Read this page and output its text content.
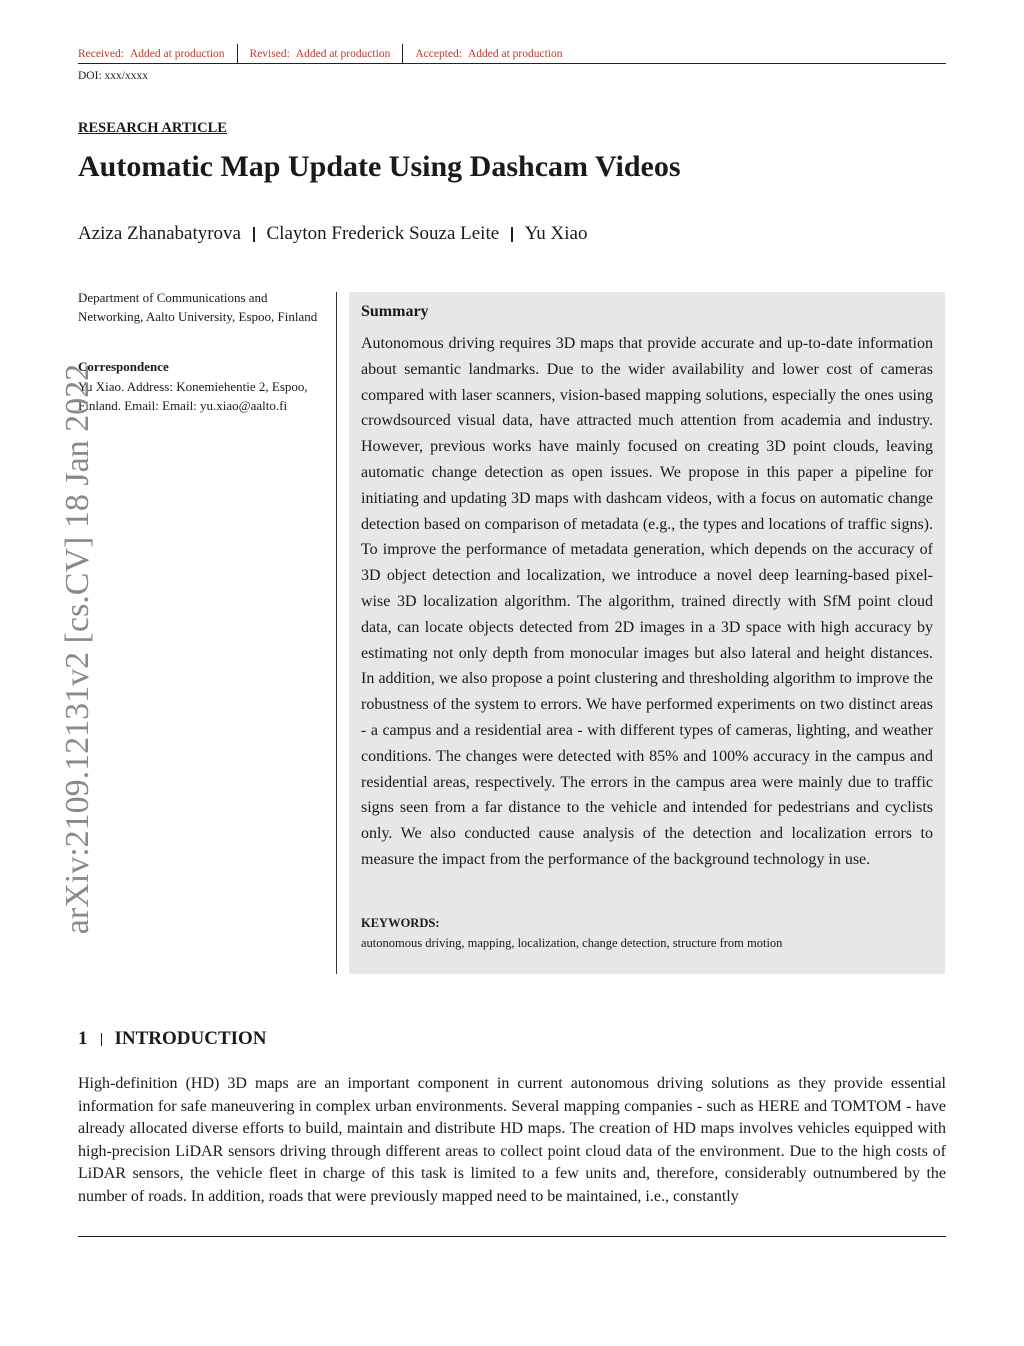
Received: Added at production	Revised: Added at production	Accepted: Added at production
DOI: xxx/xxxx
RESEARCH ARTICLE
Automatic Map Update Using Dashcam Videos
Aziza Zhanabatyrova Clayton Frederick Souza Leite Yu Xiao
Department of Communications and Networking, Aalto University, Espoo, Finland
Correspondence
Yu Xiao. Address: Konemiehentie 2, Espoo, Finland. Email: Email: yu.xiao@aalto.fi
Summary
Autonomous driving requires 3D maps that provide accurate and up-to-date information about semantic landmarks. Due to the wider availability and lower cost of cameras compared with laser scanners, vision-based mapping solutions, especially the ones using crowdsourced visual data, have attracted much attention from academia and industry. However, previous works have mainly focused on creating 3D point clouds, leaving automatic change detection as open issues. We propose in this paper a pipeline for initiating and updating 3D maps with dashcam videos, with a focus on automatic change detection based on comparison of metadata (e.g., the types and locations of traffic signs). To improve the performance of metadata generation, which depends on the accuracy of 3D object detection and localization, we introduce a novel deep learning-based pixel-wise 3D localization algorithm. The algorithm, trained directly with SfM point cloud data, can locate objects detected from 2D images in a 3D space with high accuracy by estimating not only depth from monocular images but also lateral and height distances. In addition, we also propose a point clustering and thresholding algorithm to improve the robustness of the system to errors. We have performed experiments on two distinct areas - a campus and a residential area - with different types of cameras, lighting, and weather conditions. The changes were detected with 85% and 100% accuracy in the campus and residential areas, respectively. The errors in the campus area were mainly due to traffic signs seen from a far distance to the vehicle and intended for pedestrians and cyclists only. We also conducted cause analysis of the detection and localization errors to measure the impact from the performance of the background technology in use.
KEYWORDS:
autonomous driving, mapping, localization, change detection, structure from motion
arXiv:2109.12131v2 [cs.CV] 18 Jan 2022
1 INTRODUCTION
High-definition (HD) 3D maps are an important component in current autonomous driving solutions as they provide essential information for safe maneuvering in complex urban environments. Several mapping companies - such as HERE and TOMTOM - have already allocated diverse efforts to build, maintain and distribute HD maps. The creation of HD maps involves vehicles equipped with high-precision LiDAR sensors driving through different areas to collect point cloud data of the environment. Due to the high costs of LiDAR sensors, the vehicle fleet in charge of this task is limited to a few units and, therefore, considerably outnumbered by the number of roads. In addition, roads that were previously mapped need to be maintained, i.e., constantly
